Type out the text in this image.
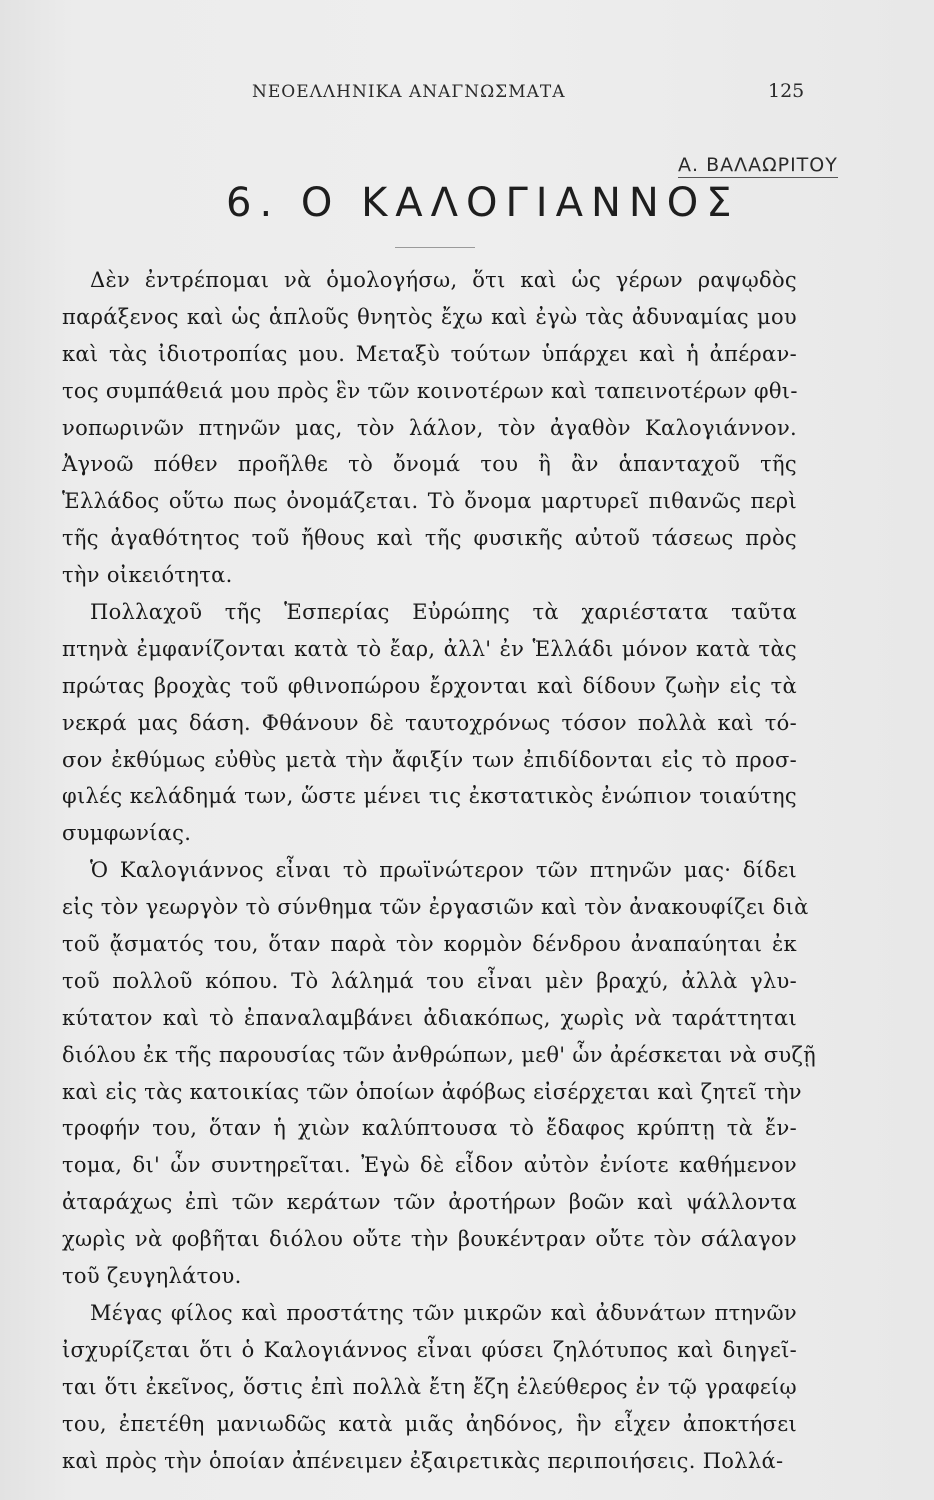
ΝΕΟΕΛΛΗΝΙΚΑ ΑΝΑΓΝΩΣΜΑΤΑ	125
Α. ΒΑΛΑΩΡΙΤΟΥ
6. Ο ΚΑΛΟΓΙΑΝΝΟΣ
Δὲν ἐντρέπομαι νὰ ὁμολογήσω, ὅτι καὶ ὡς γέρων ραψῳδὸς
παράξενος καὶ ὡς ἁπλοῦς θνητὸς ἔχω καὶ ἐγὼ τὰς ἀδυναμίας μου
καὶ τὰς ἰδιοτροπίας μου. Μεταξὺ τούτων ὑπάρχει καὶ ἡ ἀπέραν-
τος συμπάθειά μου πρὸς ἓν τῶν κοινοτέρων καὶ ταπεινοτέρων φθι-
νοπωρινῶν πτηνῶν μας, τὸν λάλον, τὸν ἀγαθὸν Καλογιάννον.
Ἀγνοῶ πόθεν προῆλθε τὸ ὄνομά του ἢ ἂν ἁπανταχοῦ τῆς
Ἑλλάδος οὕτω πως ὀνομάζεται. Τὸ ὄνομα μαρτυρεῖ πιθανῶς περὶ
τῆς ἀγαθότητος τοῦ ἤθους καὶ τῆς φυσικῆς αὐτοῦ τάσεως πρὸς
τὴν οἰκειότητα.
Πολλαχοῦ τῆς Ἑσπερίας Εὐρώπης τὰ χαριέστατα ταῦτα
πτηνὰ ἐμφανίζονται κατὰ τὸ ἔαρ, ἀλλ' ἐν Ἑλλάδι μόνον κατὰ τὰς
πρώτας βροχὰς τοῦ φθινοπώρου ἔρχονται καὶ δίδουν ζωὴν εἰς τὰ
νεκρά μας δάση. Φθάνουν δὲ ταυτοχρόνως τόσον πολλὰ καὶ τό-
σον ἐκθύμως εὐθὺς μετὰ τὴν ἄφιξίν των ἐπιδίδονται εἰς τὸ προσ-
φιλές κελάδημά των, ὥστε μένει τις ἐκστατικὸς ἐνώπιον τοιαύτης
συμφωνίας.
Ὁ Καλογιάννος εἶναι τὸ πρωϊνώτερον τῶν πτηνῶν μας· δίδει
εἰς τὸν γεωργὸν τὸ σύνθημα τῶν ἐργασιῶν καὶ τὸν ἀνακουφίζει διὰ
τοῦ ᾄσματός του, ὅταν παρὰ τὸν κορμὸν δένδρου ἀναπαύηται ἐκ
τοῦ πολλοῦ κόπου. Τὸ λάλημά του εἶναι μὲν βραχύ, ἀλλὰ γλυ-
κύτατον καὶ τὸ ἐπαναλαμβάνει ἀδιακόπως, χωρὶς νὰ ταράττηται
διόλου ἐκ τῆς παρουσίας τῶν ἀνθρώπων, μεθ' ὧν ἀρέσκεται νὰ συζῇ
καὶ εἰς τὰς κατοικίας τῶν ὁποίων ἀφόβως εἰσέρχεται καὶ ζητεῖ τὴν
τροφήν του, ὅταν ἡ χιὼν καλύπτουσα τὸ ἔδαφος κρύπτῃ τὰ ἔν-
τομα, δι' ὧν συντηρεῖται. Ἐγὼ δὲ εἶδον αὐτὸν ἐνίοτε καθήμενον
ἀταράχως ἐπὶ τῶν κεράτων τῶν ἀροτήρων βοῶν καὶ ψάλλοντα
χωρὶς νὰ φοβῆται διόλου οὔτε τὴν βουκέντραν οὔτε τὸν σάλαγον
τοῦ ζευγηλάτου.
Μέγας φίλος καὶ προστάτης τῶν μικρῶν καὶ ἀδυνάτων πτηνῶν
ἰσχυρίζεται ὅτι ὁ Καλογιάννος εἶναι φύσει ζηλότυπος καὶ διηγεῖ-
ται ὅτι ἐκεῖνος, ὅστις ἐπὶ πολλὰ ἔτη ἔζη ἐλεύθερος ἐν τῷ γραφείῳ
του, ἐπετέθη μανιωδῶς κατὰ μιᾶς ἀηδόνος, ἣν εἶχεν ἀποκτήσει
καὶ πρὸς τὴν ὁποίαν ἀπένειμεν ἐξαιρετικὰς περιποιήσεις. Πολλά-
